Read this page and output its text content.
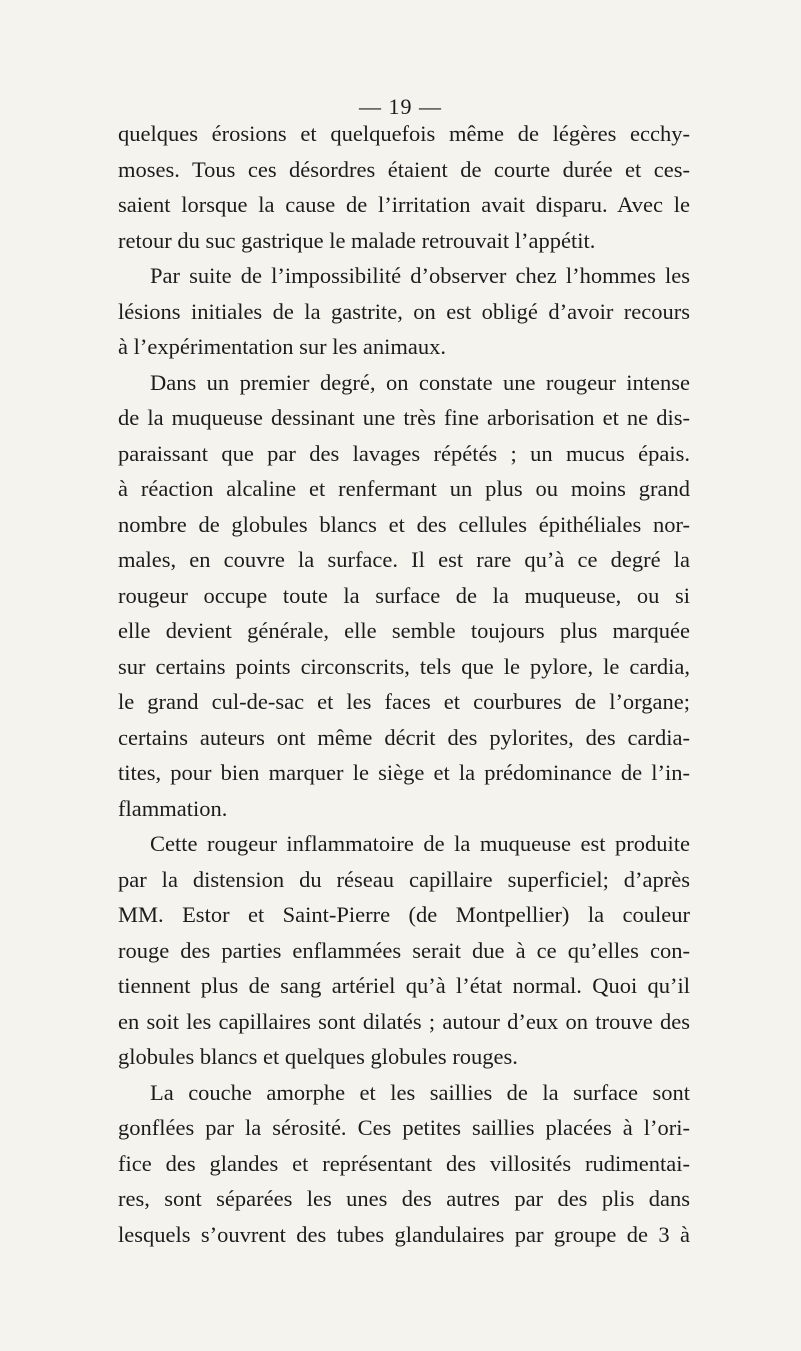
— 19 —
quelques érosions et quelquefois même de légères ecchy-
moses. Tous ces désordres étaient de courte durée et ces-
saient lorsque la cause de l’irritation avait disparu. Avec le
retour du suc gastrique le malade retrouvait l’appétit.
Par suite de l’impossibilité d’observer chez l’hommes les
lésions initiales de la gastrite, on est obligé d’avoir recours
à l’expérimentation sur les animaux.
Dans un premier degré, on constate une rougeur intense
de la muqueuse dessinant une très fine arborisation et ne dis-
paraissant que par des lavages répétés ; un mucus épais.
à réaction alcaline et renfermant un plus ou moins grand
nombre de globules blancs et des cellules épithéliales nor-
males, en couvre la surface. Il est rare qu’à ce degré la
rougeur occupe toute la surface de la muqueuse, ou si
elle devient générale, elle semble toujours plus marquée
sur certains points circonscrits, tels que le pylore, le cardia,
le grand cul-de-sac et les faces et courbures de l’organe;
certains auteurs ont même décrit des pylorites, des cardia-
tites, pour bien marquer le siège et la prédominance de l’in-
flammation.
Cette rougeur inflammatoire de la muqueuse est produite
par la distension du réseau capillaire superficiel; d’après
MM. Estor et Saint-Pierre (de Montpellier) la couleur
rouge des parties enflammées serait due à ce qu’elles con-
tiennent plus de sang artériel qu’à l’état normal. Quoi qu’il
en soit les capillaires sont dilatés ; autour d’eux on trouve des
globules blancs et quelques globules rouges.
La couche amorphe et les saillies de la surface sont
gonflées par la sérosité. Ces petites saillies placées à l’ori-
fice des glandes et représentant des villosités rudimentai-
res, sont séparées les unes des autres par des plis dans
lesquels s’ouvrent des tubes glandulaires par groupe de 3 à
